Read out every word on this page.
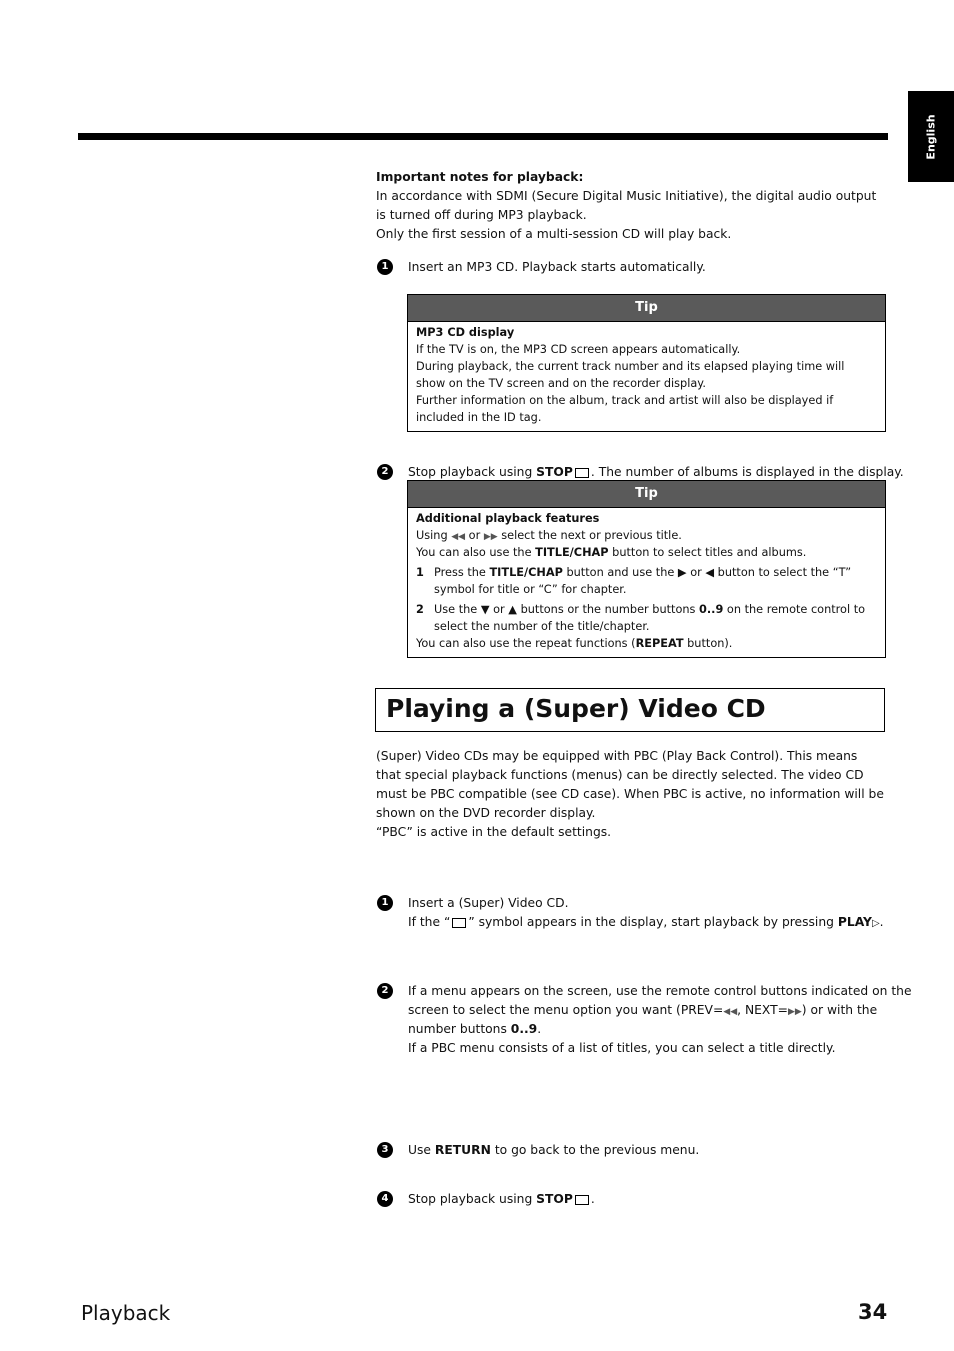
English

Important notes for playback:

In accordance with SDMI (Secure Digital Music Initiative), the digital audio output is turned off during MP3 playback.

Only the first session of a multi-session CD will play back.

1	Insert an MP3 CD. Playback starts automatically.
Tip
MP3 CD display
If the TV is on, the MP3 CD screen appears automatically.
During playback, the current track number and its elapsed playing time will show on the TV screen and on the recorder display.
Further information on the album, track and artist will also be displayed if included in the ID tag.
2	Stop playback using STOP . The number of albums is displayed in the display.
Tip
Additional playback features
Using ◀◀ or ▶▶ select the next or previous title.
You can also use the TITLE/CHAP button to select titles and albums.
1 Press the TITLE/CHAP button and use the ▶ or ◀ button to select the “T” symbol for title or “C” for chapter.
2 Use the ▼ or ▲ buttons or the number buttons 0..9 on the remote control to select the number of the title/chapter.
You can also use the repeat functions (REPEAT button).
Playing a (Super) Video CD

(Super) Video CDs may be equipped with PBC (Play Back Control). This means that special playback functions (menus) can be directly selected. The video CD must be PBC compatible (see CD case). When PBC is active, no information will be shown on the DVD recorder display.

“PBC” is active in the default settings.

1	Insert a (Super) Video CD.
If the “ ” symbol appears in the display, start playback by pressing PLAY▷.
2	If a menu appears on the screen, use the remote control buttons indicated on the screen to select the menu option you want (PREV=◀◀, NEXT=▶▶) or with the number buttons 0..9.
If a PBC menu consists of a list of titles, you can select a title directly.
3	Use RETURN to go back to the previous menu.
4	Stop playback using STOP .
Playback	34
